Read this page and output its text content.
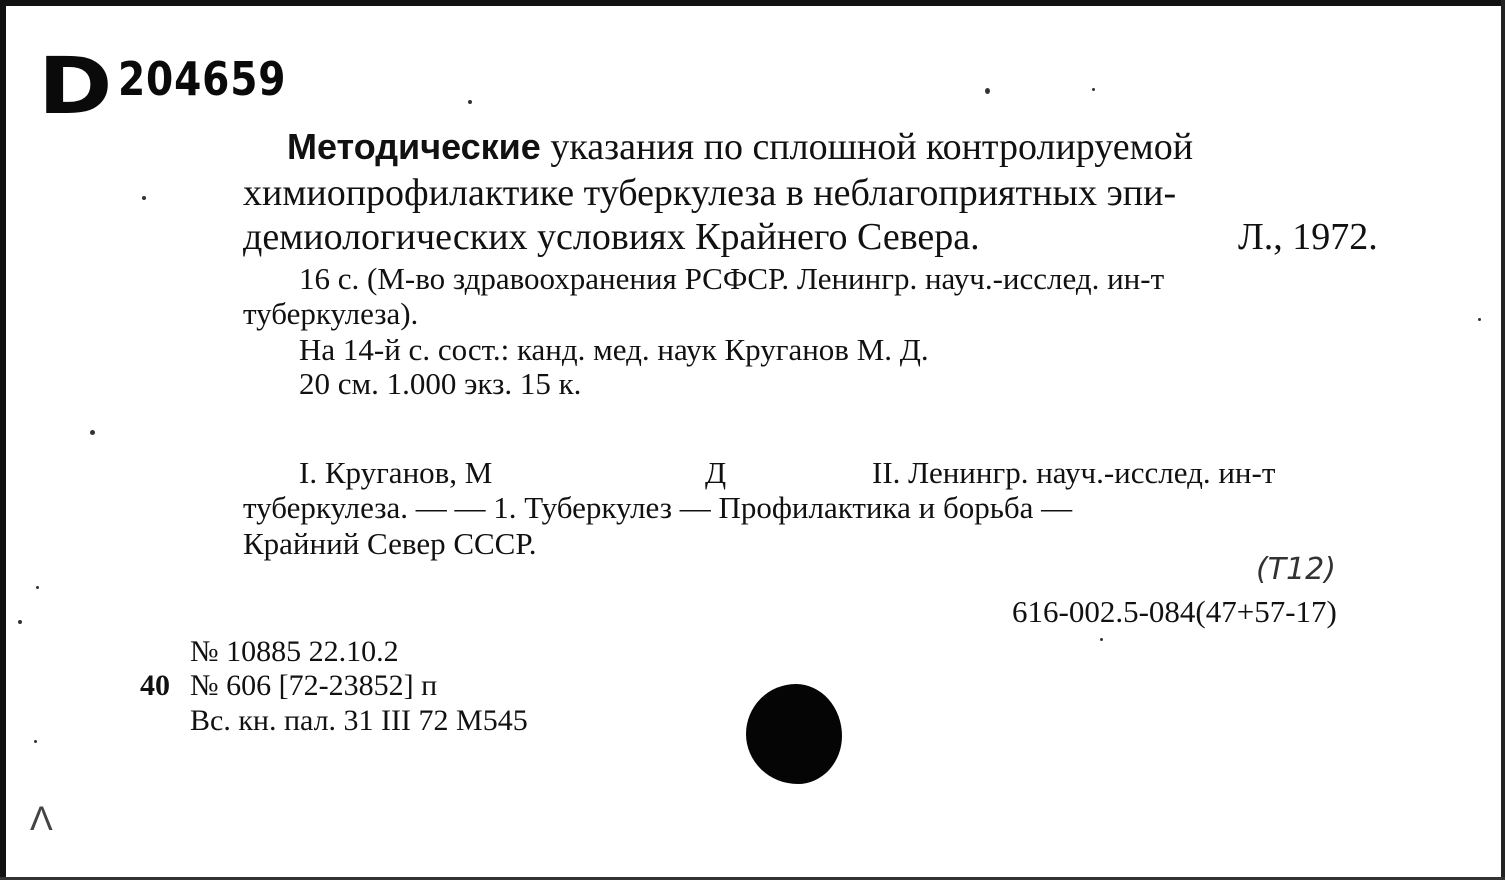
D 204659
Методические указания по сплошной контролируемой
химиопрофилактике туберкулеза в неблагоприятных эпи-
демиологических условиях Крайнего Севера.	Л., 1972.
16 с. (М-во здравоохранения РСФСР. Ленингр. науч.-исслед. ин-т
туберкулеза).
На 14-й с. сост.: канд. мед. наук Круганов М. Д.
20 см. 1.000 экз. 15 к.
I. Круганов, М	Д	II. Ленингр. науч.-исслед. ин-т
туберкулеза. — — 1. Туберкулез — Профилактика и борьба —
Крайний Север СССР.
(T12)
616-002.5-084(47+57-17)
№ 10885 22.10.2
40 № 606 [72-23852] п
Вс. кн. пал. 31 III 72 М545
Λ
